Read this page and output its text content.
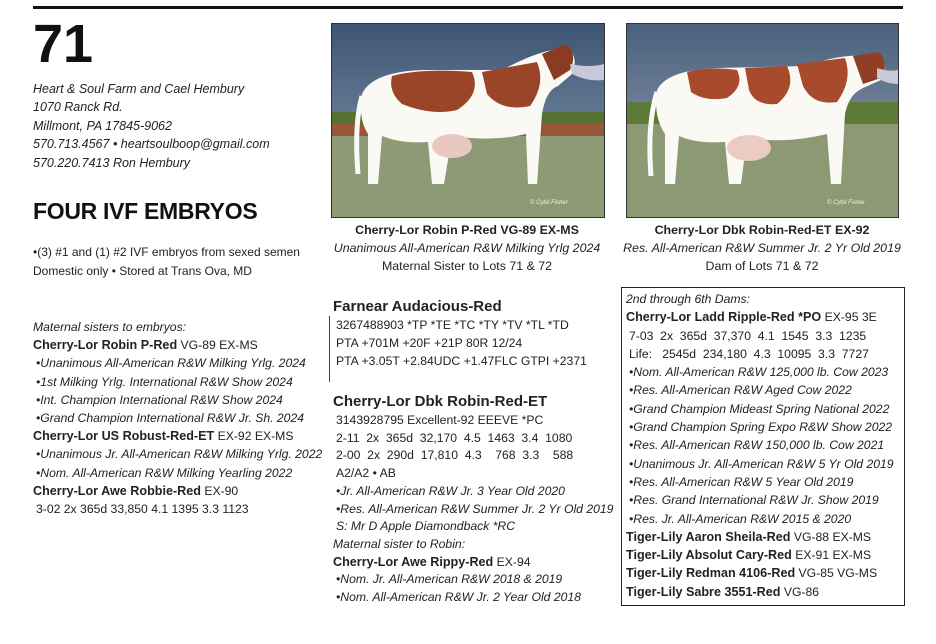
71
Heart & Soul Farm and Cael Hembury
1070 Ranck Rd.
Millmont, PA 17845-9062
570.713.4567 • heartsoulboop@gmail.com
570.220.7413 Ron Hembury
FOUR IVF EMBRYOS
•(3) #1 and (1) #2 IVF embryos from sexed semen
Domestic only • Stored at Trans Ova, MD
Maternal sisters to embryos:
Cherry-Lor Robin P-Red VG-89 EX-MS
•Unanimous All-American R&W Milking Yrlg. 2024
•1st Milking Yrlg. International R&W Show 2024
•Int. Champion International R&W Show 2024
•Grand Champion International R&W Jr. Sh. 2024
Cherry-Lor US Robust-Red-ET EX-92 EX-MS
•Unanimous Jr. All-American R&W Milking Yrlg. 2022
•Nom. All-American R&W Milking Yearling 2022
Cherry-Lor Awe Robbie-Red EX-90
3-02 2x 365d 33,850 4.1 1395 3.3 1123
© Cybil Fisher
Cherry-Lor Robin P-Red VG-89 EX-MS
Unanimous All-American R&W Milking Yrlg 2024
Maternal Sister to Lots 71 & 72
© Cybil Fisher
Cherry-Lor Dbk Robin-Red-ET EX-92
Res. All-American R&W Summer Jr. 2 Yr Old 2019
Dam of Lots 71 & 72
Farnear Audacious-Red
3267488903 *TP *TE *TC *TY *TV *TL *TD
PTA +701M +20F +21P 80R 12/24
PTA +3.05T +2.84UDC +1.47FLC GTPI +2371
Cherry-Lor Dbk Robin-Red-ET
3143928795 Excellent-92 EEEVE *PC
2-11  2x  365d  32,170  4.5  1463  3.4  1080
2-00  2x  290d  17,810  4.3    768  3.3    588
A2/A2 • AB
•Jr. All-American R&W Jr. 3 Year Old 2020
•Res. All-American R&W Summer Jr. 2 Yr Old 2019
S: Mr D Apple Diamondback *RC
Maternal sister to Robin:
Cherry-Lor Awe Rippy-Red EX-94
•Nom. Jr. All-American R&W 2018 & 2019
•Nom. All-American R&W Jr. 2 Year Old 2018
2nd through 6th Dams:
Cherry-Lor Ladd Ripple-Red *PO EX-95 3E
7-03  2x  365d  37,370  4.1  1545  3.3  1235
Life:   2545d  234,180  4.3  10095  3.3  7727
•Nom. All-American R&W 125,000 lb. Cow 2023
•Res. All-American R&W Aged Cow 2022
•Grand Champion Mideast Spring National 2022
•Grand Champion Spring Expo R&W Show 2022
•Res. All-American R&W 150,000 lb. Cow 2021
•Unanimous Jr. All-American R&W 5 Yr Old 2019
•Res. All-American R&W 5 Year Old 2019
•Res. Grand International R&W Jr. Show 2019
•Res. Jr. All-American R&W 2015 & 2020
Tiger-Lily Aaron Sheila-Red VG-88 EX-MS
Tiger-Lily Absolut Cary-Red EX-91 EX-MS
Tiger-Lily Redman 4106-Red VG-85 VG-MS
Tiger-Lily Sabre 3551-Red VG-86
